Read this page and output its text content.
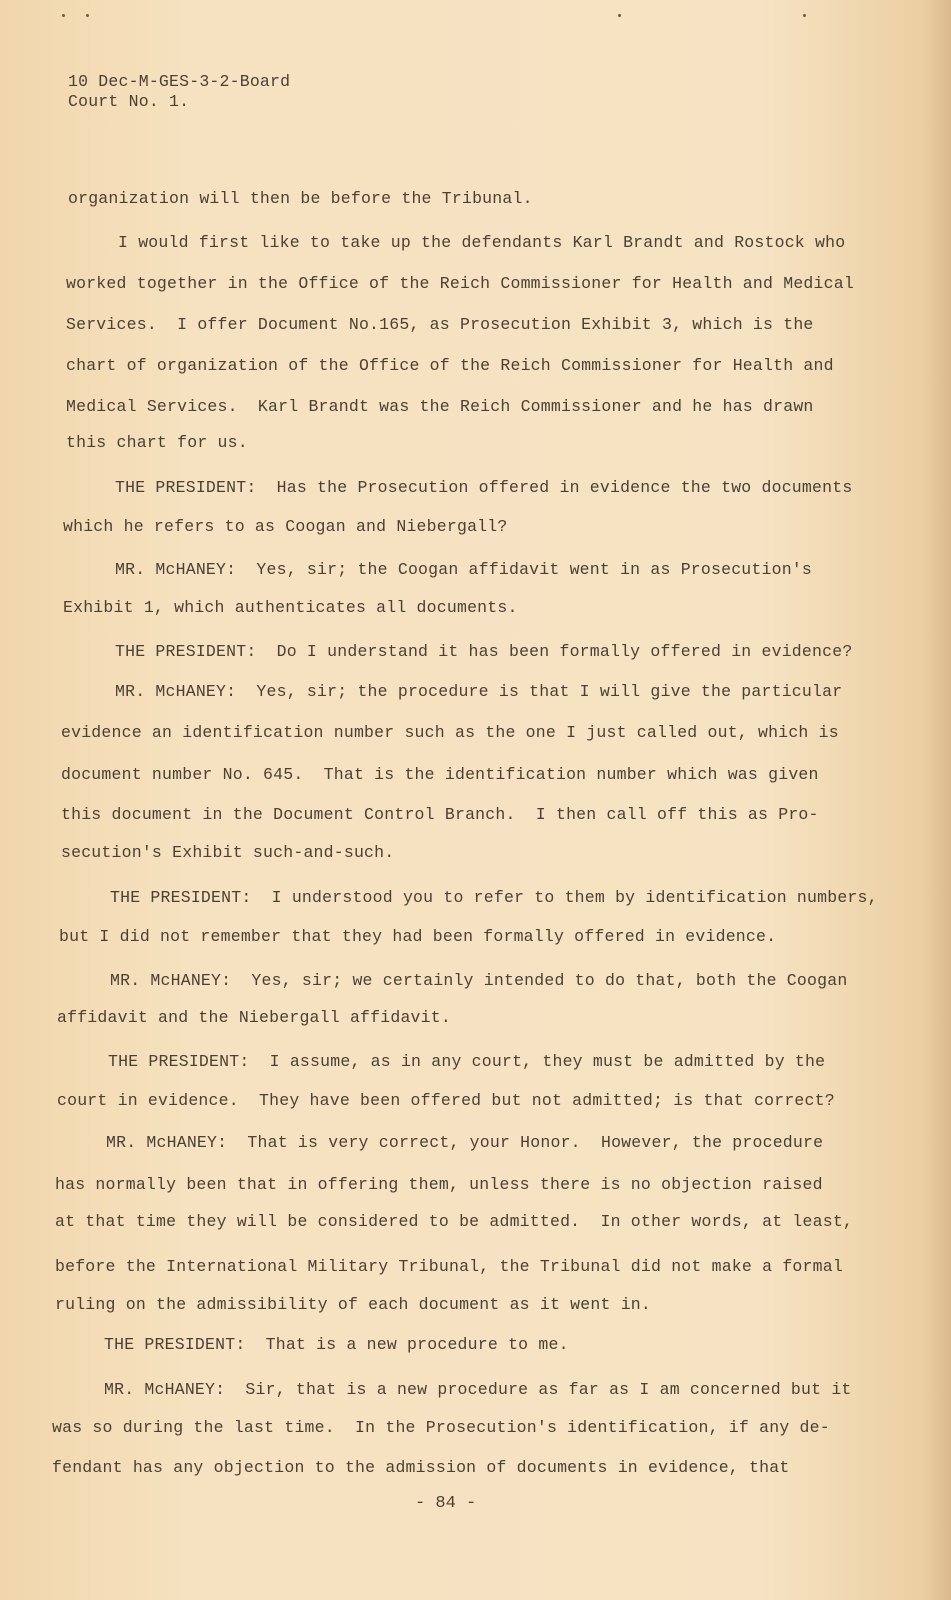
10 Dec-M-GES-3-2-Board
Court No. 1.
organization will then be before the Tribunal.
I would first like to take up the defendants Karl Brandt and Rostock who
worked together in the Office of the Reich Commissioner for Health and Medical
Services.  I offer Document No.165, as Prosecution Exhibit 3, which is the
chart of organization of the Office of the Reich Commissioner for Health and
Medical Services.  Karl Brandt was the Reich Commissioner and he has drawn
this chart for us.
THE PRESIDENT:  Has the Prosecution offered in evidence the two documents
which he refers to as Coogan and Niebergall?
MR. McHANEY:  Yes, sir; the Coogan affidavit went in as Prosecution's
Exhibit 1, which authenticates all documents.
THE PRESIDENT:  Do I understand it has been formally offered in evidence?
MR. McHANEY:  Yes, sir; the procedure is that I will give the particular
evidence an identification number such as the one I just called out, which is
document number No. 645.  That is the identification number which was given
this document in the Document Control Branch.  I then call off this as Pro-
secution's Exhibit such-and-such.
THE PRESIDENT:  I understood you to refer to them by identification numbers,
but I did not remember that they had been formally offered in evidence.
MR. McHANEY:  Yes, sir; we certainly intended to do that, both the Coogan
affidavit and the Niebergall affidavit.
THE PRESIDENT:  I assume, as in any court, they must be admitted by the
court in evidence.  They have been offered but not admitted; is that correct?
MR. McHANEY:  That is very correct, your Honor.  However, the procedure
has normally been that in offering them, unless there is no objection raised
at that time they will be considered to be admitted.  In other words, at least,
before the International Military Tribunal, the Tribunal did not make a formal
ruling on the admissibility of each document as it went in.
THE PRESIDENT:  That is a new procedure to me.
MR. McHANEY:  Sir, that is a new procedure as far as I am concerned but it
was so during the last time.  In the Prosecution's identification, if any de-
fendant has any objection to the admission of documents in evidence, that
- 84 -
